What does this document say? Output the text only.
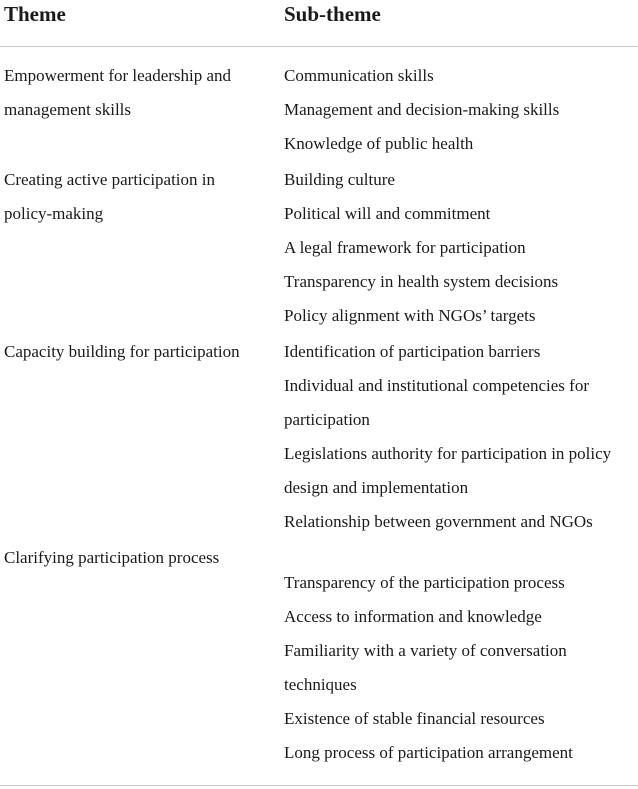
Theme	Sub-theme
Empowerment for leadership and management skills
Communication skills
Management and decision-making skills
Knowledge of public health
Creating active participation in policy-making
Building culture
Political will and commitment
A legal framework for participation
Transparency in health system decisions
Policy alignment with NGOs’ targets
Capacity building for participation	Identification of participation barriers
Individual and institutional competencies for participation
Legislations authority for participation in policy design and implementation
Relationship between government and NGOs
Clarifying participation process
Transparency of the participation process
Access to information and knowledge
Familiarity with a variety of conversation techniques
Existence of stable financial resources
Long process of participation arrangement
